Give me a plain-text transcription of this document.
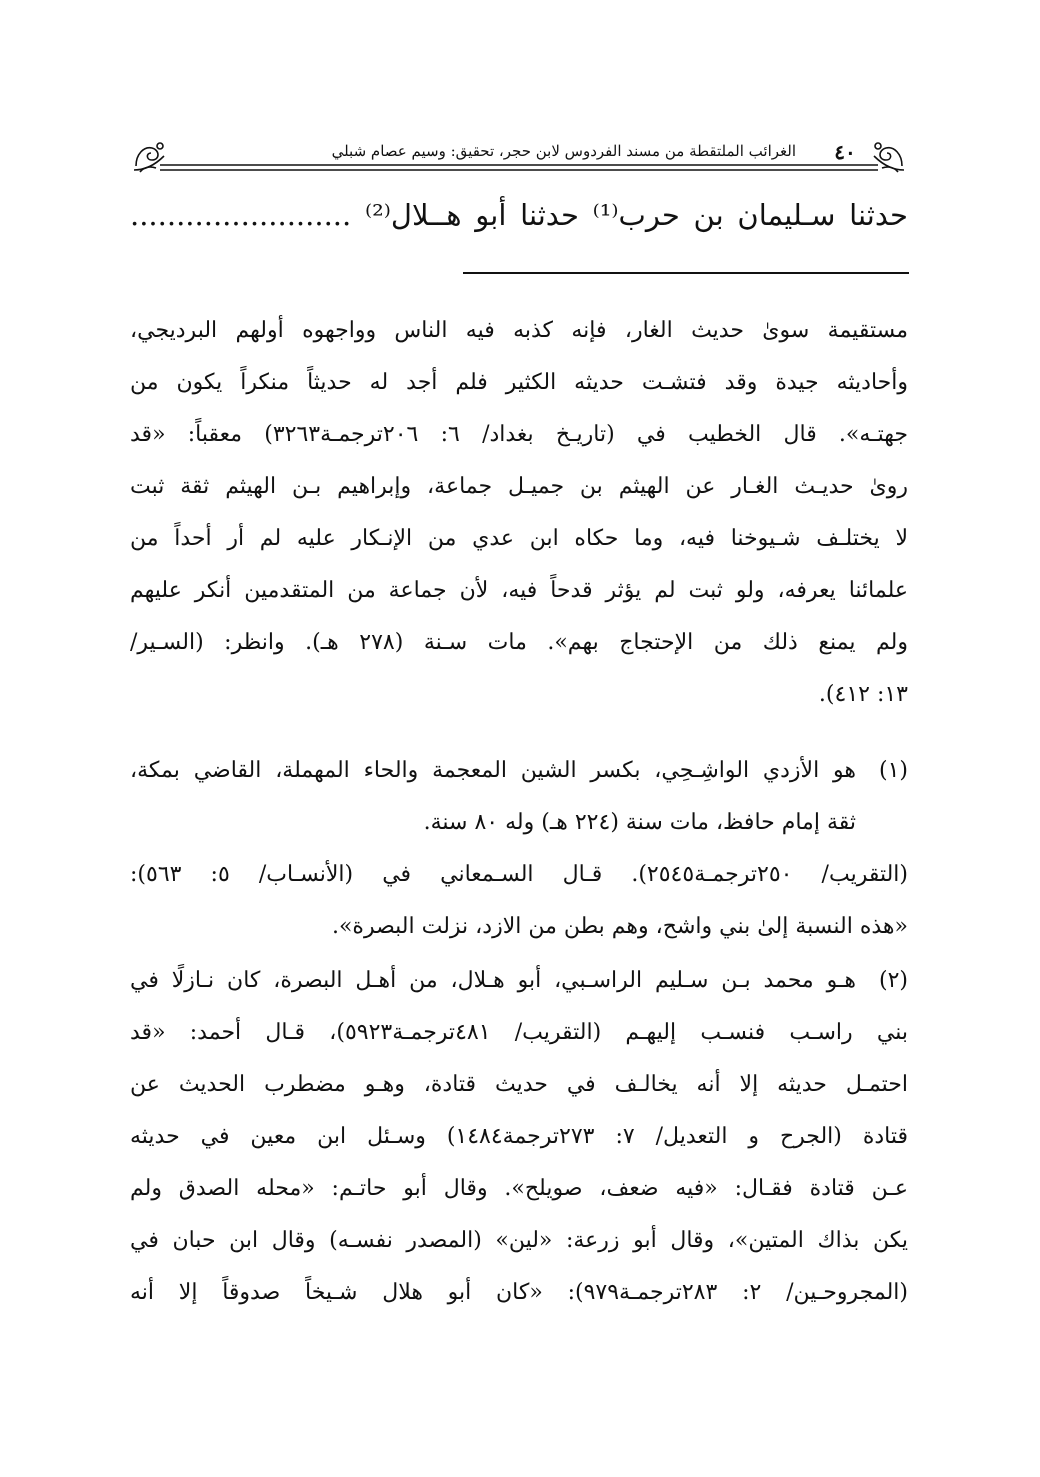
الغرائب الملتقطة من مسند الفردوس لابن حجر، تحقيق: وسيم عصام شبلي	٤٠
حدثنا سـليمان بن حرب⁽¹⁾ حدثنا أبو هــلال⁽²⁾ ........................
مستقيمة سوىٰ حديث الغار، فإنه كذبه فيه الناس وواجهوه أولهم البرديجي،
وأحاديثه جيدة وقد فتشـت حديثه الكثير فلم أجد له حديثاً منكراً يكون من
جهتـه». قال الخطيب في (تاريـخ بغداد/ ٦: ٢٠٦ترجمـة٣٢٦٣) معقباً: «قد
رویٰ حديـث الغـار عن الهيثم بن جميـل جماعة، وإبراهيم بـن الهيثم ثقة ثبت
لا يختلـف شـيوخنا فيه، وما حكاه ابن عدي من الإنـكار عليه لم أر أحداً من
علمائنا يعرفه، ولو ثبت لم يؤثر قدحاً فيه، لأن جماعة من المتقدمين أنكر عليهم
ولم يمنع ذلك من الإحتجاج بهم». مات سـنة (٢٧٨ هـ). وانظر: (السـير/
١٣: ٤١٢).
(١)
هو الأزدي الواشِـحِي، بكسر الشين المعجمة والحاء المهملة، القاضي بمكة،
ثقة إمام حافظ، مات سنة (٢٢٤ هـ) وله ٨٠ سنة.
(التقريب/ ٢٥٠ترجمـة٢٥٤٥). قـال السـمعاني في (الأنسـاب/ ٥: ٥٦٣):
«هذه النسبة إلىٰ بني واشح، وهم بطن من الازد، نزلت البصرة».
(٢)
هـو محمد بـن سـليم الراسـبي، أبو هـلال، من أهـل البصرة، كان نـازلًا في
بني راسـب فنسـب إليهـم (التقريب/ ٤٨١ترجمـة٥٩٢٣)، قـال أحمد: «قد
احتمـل حديثه إلا أنه يخالـف في حديث قتادة، وهـو مضطرب الحديث عن
قتادة (الجرح و التعديل/ ٧: ٢٧٣ترجمة١٤٨٤) وسـئل ابن معين في حديثه
عـن قتادة فقـال: «فيه ضعف، صويلح». وقال أبو حاتـم: «محله الصدق ولم
يكن بذاك المتين»، وقال أبو زرعة: «لين» (المصدر نفسـه) وقال ابن حبان في
(المجروحـين/ ٢: ٢٨٣ترجمـة٩٧٩): «كان أبو هلال شـيخاً صدوقاً إلا أنه
